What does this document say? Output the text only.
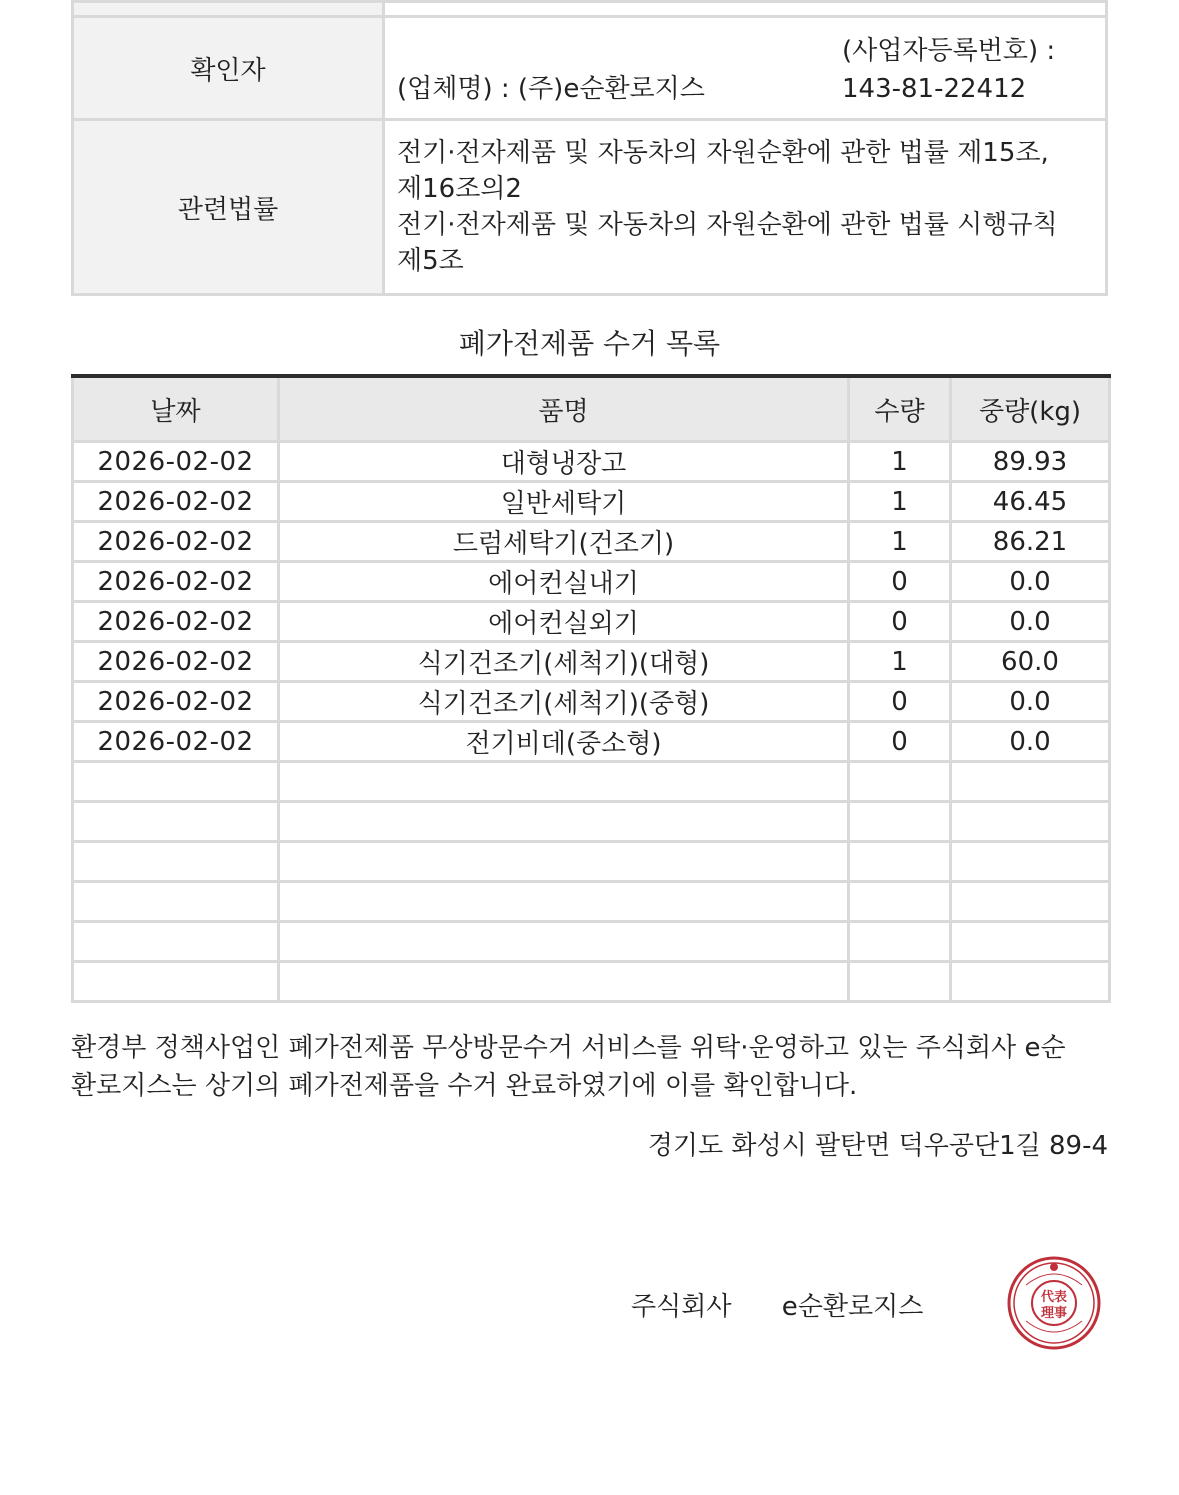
확인자	(업체명) : (주)e순환로지스
(사업자등록번호) :
143-81-22412

관련법률	전기·전자제품 및 자동차의 자원순환에 관한 법률 제15조,
제16조의2
전기·전자제품 및 자동차의 자원순환에 관한 법률 시행규칙
제5조
폐가전제품 수거 목록
날짜	품명	수량	중량(kg)
2026-02-02	대형냉장고	1	89.93
2026-02-02	일반세탁기	1	46.45
2026-02-02	드럼세탁기(건조기)	1	86.21
2026-02-02	에어컨실내기	0	0.0
2026-02-02	에어컨실외기	0	0.0
2026-02-02	식기건조기(세척기)(대형)	1	60.0
2026-02-02	식기건조기(세척기)(중형)	0	0.0
2026-02-02	전기비데(중소형)	0	0.0

환경부 정책사업인 폐가전제품 무상방문수거 서비스를 위탁·운영하고 있는 주식회사 e순
환로지스는 상기의 폐가전제품을 수거 완료하였기에 이를 확인합니다.
경기도 화성시 팔탄면 덕우공단1길 89-4
주식회사 e순환로지스	代表
理事
